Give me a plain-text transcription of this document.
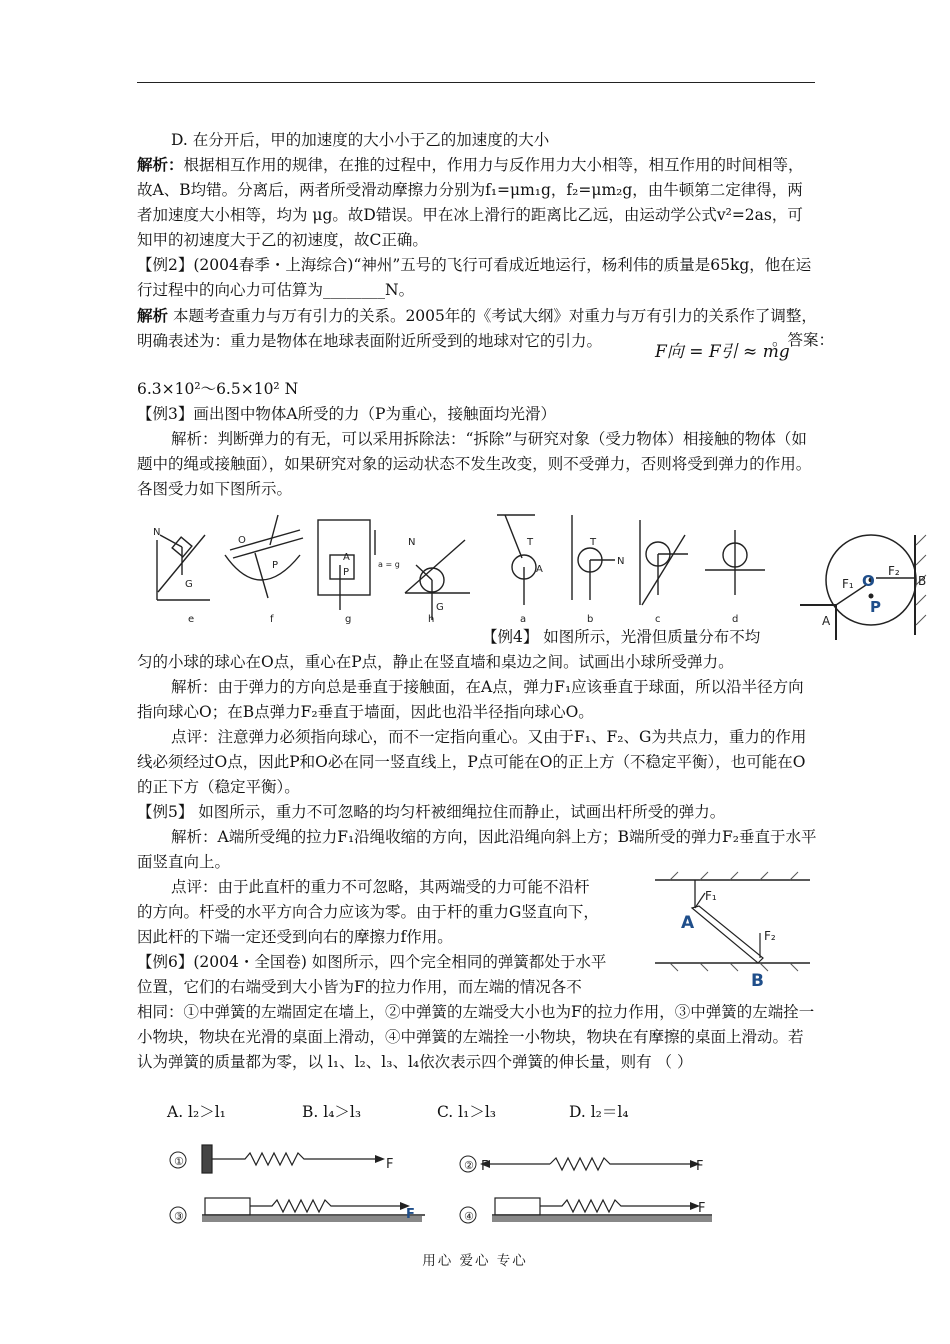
D. 在分开后，甲的加速度的大小小于乙的加速度的大小
解析：根据相互作用的规律，在推的过程中，作用力与反作用力大小相等，相互作用的时间相等，故A、B均错。分离后，两者所受滑动摩擦力分别为f₁=μm₁g，f₂=μm₂g，由牛顿第二定律得，两者加速度大小相等，均为 μg。故D错误。甲在冰上滑行的距离比乙远，由运动学公式v²=2as，可知甲的初速度大于乙的初速度，故C正确。
【例2】(2004春季・上海综合)“神州”五号的飞行可看成近地运行，杨利伟的质量是65kg，他在运行过程中的向心力可估算为________N。
解析 本题考查重力与万有引力的关系。2005年的《考试大纲》对重力与万有引力的关系作了调整，明确表述为：重力是物体在地球表面附近所受到的地球对它的引力。
F向 = F引 ≈ mg
。答案：
6.3×10²～6.5×10² N
【例3】画出图中物体A所受的力（P为重心，接触面均光滑）
解析：判断弹力的有无，可以采用拆除法：“拆除”与研究对象（受力物体）相接触的物体（如题中的绳或接触面），如果研究对象的运动状态不发生改变，则不受弹力，否则将受到弹力的作用。各图受力如下图所示。
e	f	g	h	a	b	c	d
N
G
A
P
a = g
N
G
T
A
T
N
O
P
F₁
F₂
B
A
O
P
【例4】 如图所示，光滑但质量分布不均
匀的小球的球心在O点，重心在P点，静止在竖直墙和桌边之间。试画出小球所受弹力。
解析：由于弹力的方向总是垂直于接触面，在A点，弹力F₁应该垂直于球面，所以沿半径方向指向球心O；在B点弹力F₂垂直于墙面，因此也沿半径指向球心O。
点评：注意弹力必须指向球心，而不一定指向重心。又由于F₁、F₂、G为共点力，重力的作用线必须经过O点，因此P和O必在同一竖直线上，P点可能在O的正上方（不稳定平衡），也可能在O的正下方（稳定平衡）。
【例5】 如图所示，重力不可忽略的均匀杆被细绳拉住而静止，试画出杆所受的弹力。
解析：A端所受绳的拉力F₁沿绳收缩的方向，因此沿绳向斜上方；B端所受的弹力F₂垂直于水平面竖直向上。
点评：由于此直杆的重力不可忽略，其两端受的力可能不沿杆
的方向。杆受的水平方向合力应该为零。由于杆的重力G竖直向下，
因此杆的下端一定还受到向右的摩擦力f作用。
F₁
F₂
A
B
【例6】(2004・全国卷) 如图所示，四个完全相同的弹簧都处于水平
位置，它们的右端受到大小皆为F的拉力作用，而左端的情况各不
相同：①中弹簧的左端固定在墙上，②中弹簧的左端受大小也为F的拉力作用，③中弹簧的左端拴一小物块，物块在光滑的桌面上滑动，④中弹簧的左端拴一小物块，物块在有摩擦的桌面上滑动。若认为弹簧的质量都为零，以 l₁、l₂、l₃、l₄依次表示四个弹簧的伸长量，则有 （ ）
A. l₂＞l₁	B. l₄＞l₃	C. l₁＞l₃	D. l₂＝l₄
①	②
③	④
F	F	F
F	F
用心 爱心 专心
